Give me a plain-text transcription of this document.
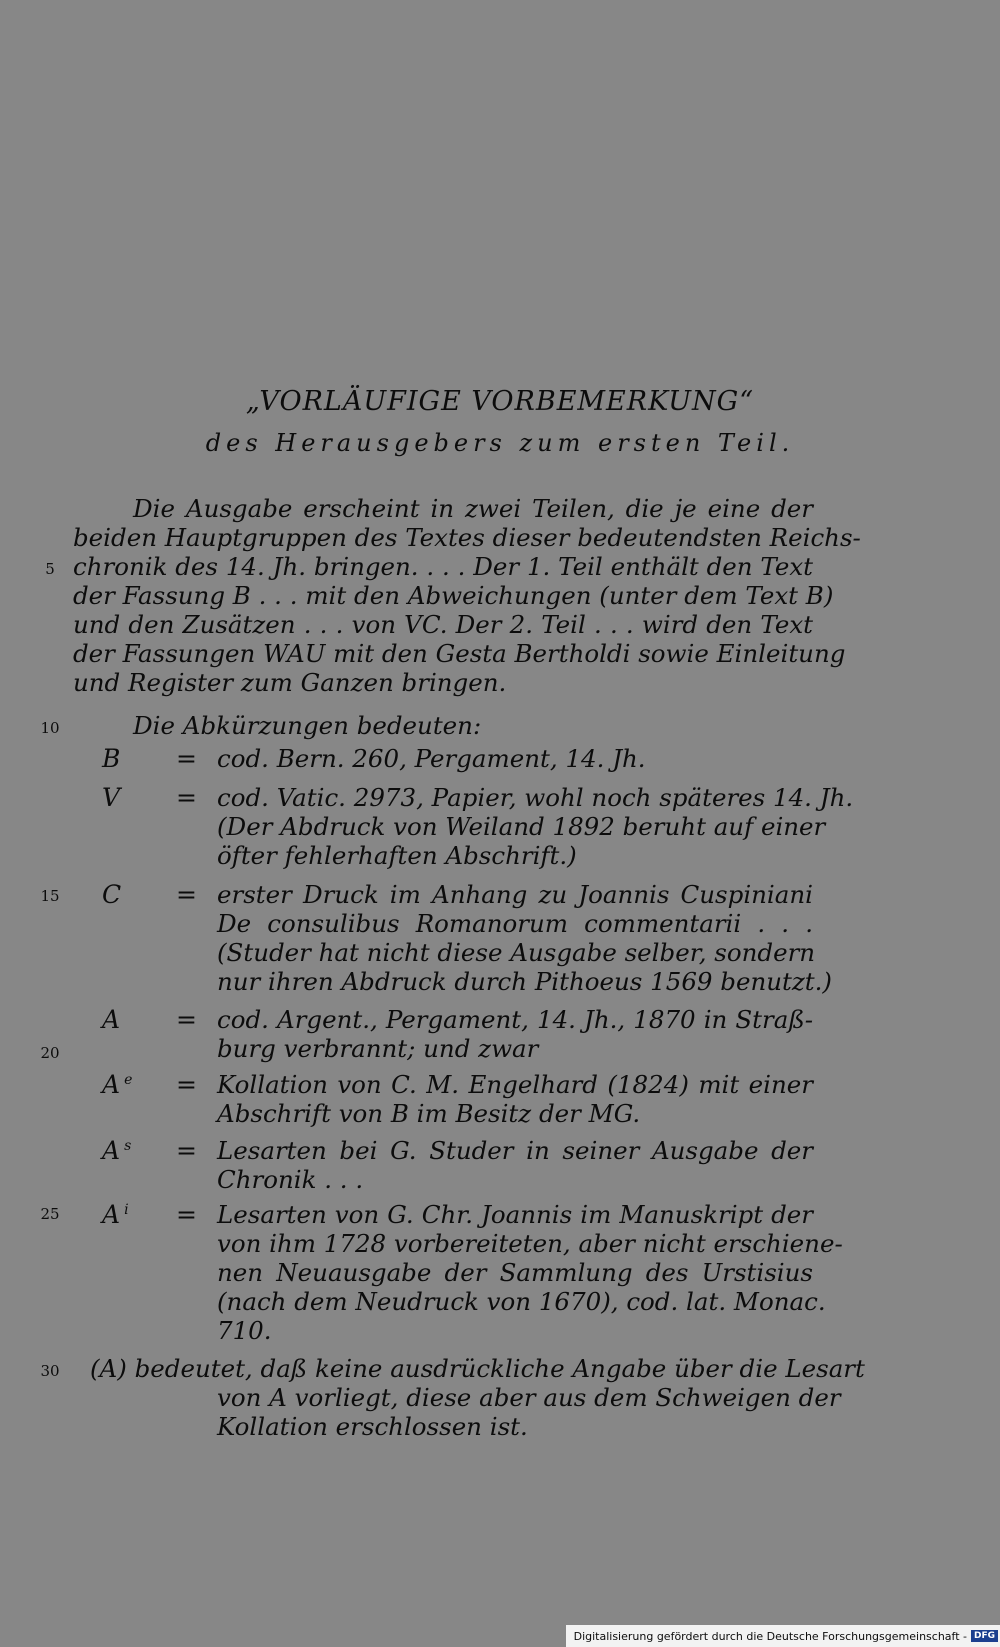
„VORLÄUFIGE VORBEMERKUNG“
des Herausgebers zum ersten Teil.
Die Ausgabe erscheint in zwei Teilen, die je eine der
beiden Hauptgruppen des Textes dieser bedeutendsten Reichs-
chronik des 14. Jh. bringen. . . . Der 1. Teil enthält den Text
der Fassung B . . . mit den Abweichungen (unter dem Text B)
und den Zusätzen . . . von VC. Der 2. Teil . . . wird den Text
der Fassungen WAU mit den Gesta Bertholdi sowie Einleitung
und Register zum Ganzen bringen.
Die Abkürzungen bedeuten:
B = cod. Bern. 260, Pergament, 14. Jh.
V = cod. Vatic. 2973, Papier, wohl noch späteres 14. Jh.
(Der Abdruck von Weiland 1892 beruht auf einer
öfter fehlerhaften Abschrift.)
C = erster Druck im Anhang zu Joannis Cuspiniani
De consulibus Romanorum commentarii . . .
(Studer hat nicht diese Ausgabe selber, sondern
nur ihren Abdruck durch Pithoeus 1569 benutzt.)
A = cod. Argent., Pergament, 14. Jh., 1870 in Straß-
burg verbrannt; und zwar
A $^e$ = Kollation von C. M. Engelhard (1824) mit einer
Abschrift von B im Besitz der MG.
A $^s$ = Lesarten bei G. Studer in seiner Ausgabe der
Chronik . . .
A $^i$ = Lesarten von G. Chr. Joannis im Manuskript der
von ihm 1728 vorbereiteten, aber nicht erschiene-
nen Neuausgabe der Sammlung des Urstisius
(nach dem Neudruck von 1670), cod. lat. Monac.
710.
(A) bedeutet, daß keine ausdrückliche Angabe über die Lesart
von A vorliegt, diese aber aus dem Schweigen der
Kollation erschlossen ist.
5
10
15
20
25
30
Digitalisierung gefördert durch die Deutsche Forschungsgemeinschaft - DFG
